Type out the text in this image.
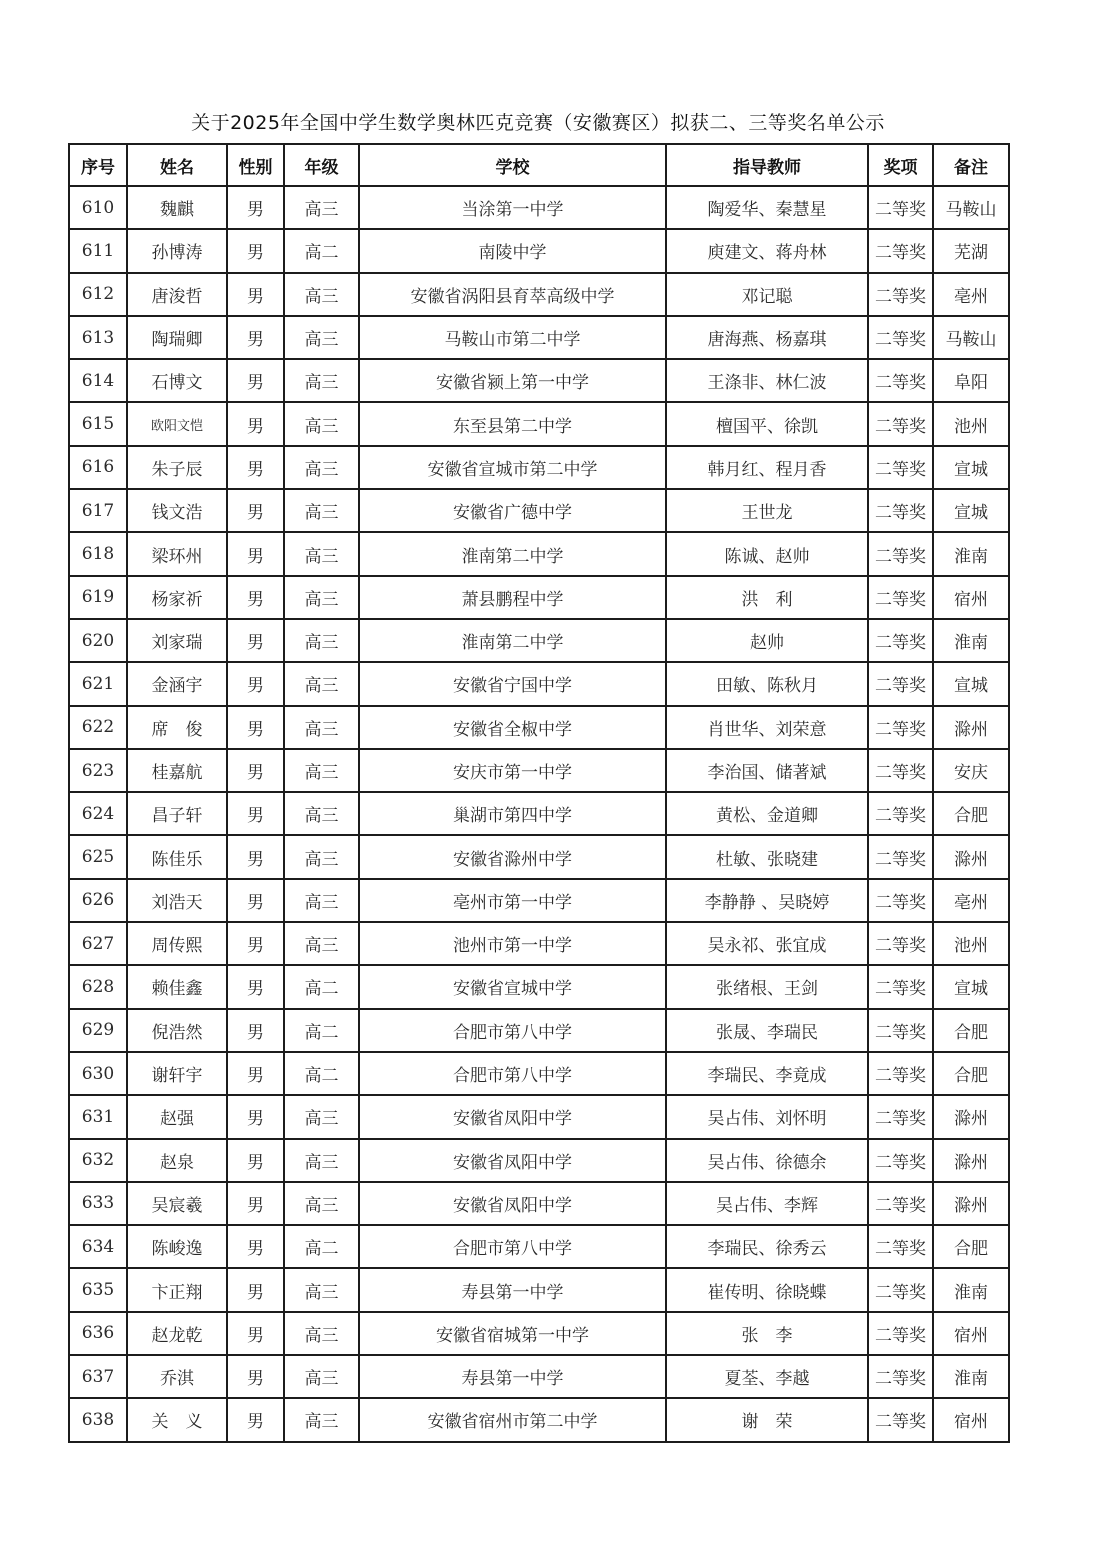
关于2025年全国中学生数学奥林匹克竞赛（安徽赛区）拟获二、三等奖名单公示
序号	姓名	性别	年级	学校	指导教师	奖项	备注
610	魏麒	男	高三	当涂第一中学	陶爱华、秦慧星	二等奖	马鞍山
611	孙博涛	男	高二	南陵中学	庾建文、蒋舟林	二等奖	芜湖
612	唐浚哲	男	高三	安徽省涡阳县育萃高级中学	邓记聪	二等奖	亳州
613	陶瑞卿	男	高三	马鞍山市第二中学	唐海燕、杨嘉琪	二等奖	马鞍山
614	石博文	男	高三	安徽省颍上第一中学	王涤非、林仁波	二等奖	阜阳
615	欧阳文恺	男	高三	东至县第二中学	檀国平、徐凯	二等奖	池州
616	朱子辰	男	高三	安徽省宣城市第二中学	韩月红、程月香	二等奖	宣城
617	钱文浩	男	高三	安徽省广德中学	王世龙	二等奖	宣城
618	梁环州	男	高三	淮南第二中学	陈诚、赵帅	二等奖	淮南
619	杨家祈	男	高三	萧县鹏程中学	洪　利	二等奖	宿州
620	刘家瑞	男	高三	淮南第二中学	赵帅	二等奖	淮南
621	金涵宇	男	高三	安徽省宁国中学	田敏、陈秋月	二等奖	宣城
622	席　俊	男	高三	安徽省全椒中学	肖世华、刘荣意	二等奖	滁州
623	桂嘉航	男	高三	安庆市第一中学	李治国、储著斌	二等奖	安庆
624	昌子轩	男	高三	巢湖市第四中学	黄松、金道卿	二等奖	合肥
625	陈佳乐	男	高三	安徽省滁州中学	杜敏、张晓建	二等奖	滁州
626	刘浩天	男	高三	亳州市第一中学	李静静 、吴晓婷	二等奖	亳州
627	周传熙	男	高三	池州市第一中学	吴永祁、张宜成	二等奖	池州
628	赖佳鑫	男	高二	安徽省宣城中学	张绪根、王剑	二等奖	宣城
629	倪浩然	男	高二	合肥市第八中学	张晟、李瑞民	二等奖	合肥
630	谢轩宇	男	高二	合肥市第八中学	李瑞民、李竟成	二等奖	合肥
631	赵强	男	高三	安徽省凤阳中学	吴占伟、刘怀明	二等奖	滁州
632	赵泉	男	高三	安徽省凤阳中学	吴占伟、徐德余	二等奖	滁州
633	吴宸羲	男	高三	安徽省凤阳中学	吴占伟、李辉	二等奖	滁州
634	陈峻逸	男	高二	合肥市第八中学	李瑞民、徐秀云	二等奖	合肥
635	卞正翔	男	高三	寿县第一中学	崔传明、徐晓蝶	二等奖	淮南
636	赵龙乾	男	高三	安徽省宿城第一中学	张　李	二等奖	宿州
637	乔淇	男	高三	寿县第一中学	夏荃、李越	二等奖	淮南
638	关　义	男	高三	安徽省宿州市第二中学	谢　荣	二等奖	宿州
